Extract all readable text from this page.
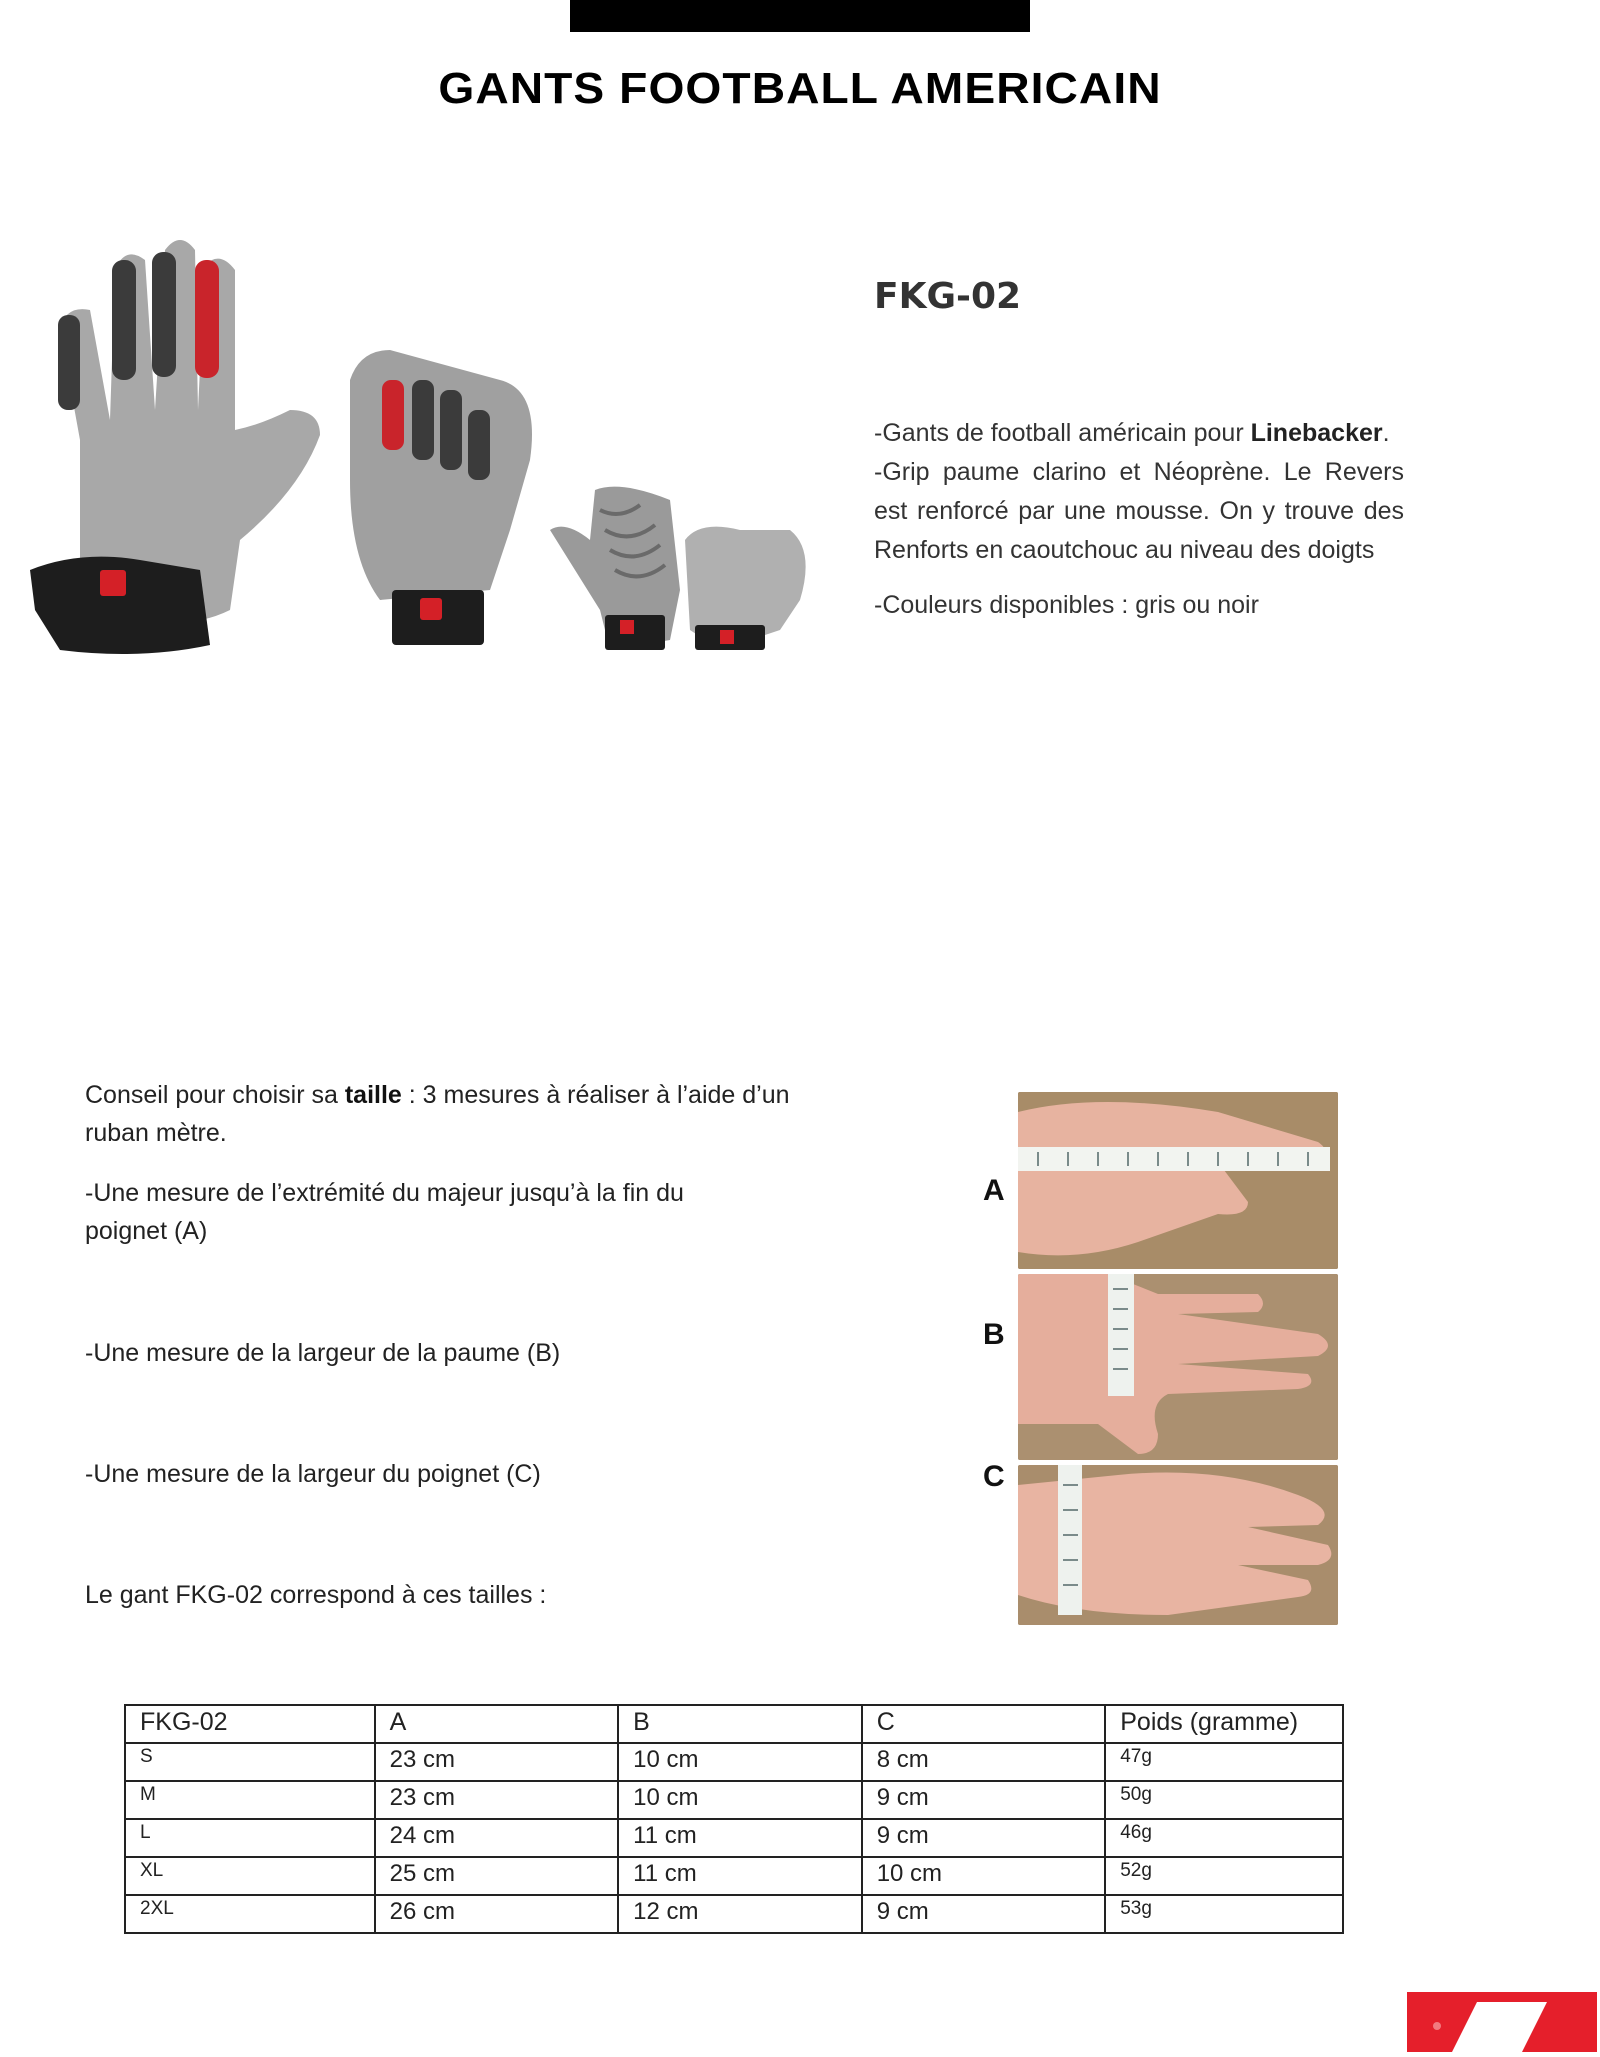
GANTS FOOTBALL AMERICAIN
FKG-02

-Gants de football américain pour Linebacker.

-Grip paume clarino et Néoprène. Le Revers est renforcé par une mousse. On y trouve des Renforts en caoutchouc au niveau des doigts

-Couleurs disponibles : gris ou noir

Conseil pour choisir sa taille : 3 mesures à réaliser à l’aide d’un ruban mètre.
-Une mesure de l’extrémité du majeur jusqu’à la fin du poignet (A)
-Une mesure de la largeur de la paume (B)
-Une mesure de la largeur du poignet (C)
Le gant FKG-02 correspond à ces tailles :
A
B
C
FKG-02	A	B	C	Poids (gramme)
S	23 cm	10 cm	8 cm	47g
M	23 cm	10 cm	9 cm	50g
L	24 cm	11 cm	9 cm	46g
XL	25 cm	11 cm	10 cm	52g
2XL	26 cm	12 cm	9 cm	53g
